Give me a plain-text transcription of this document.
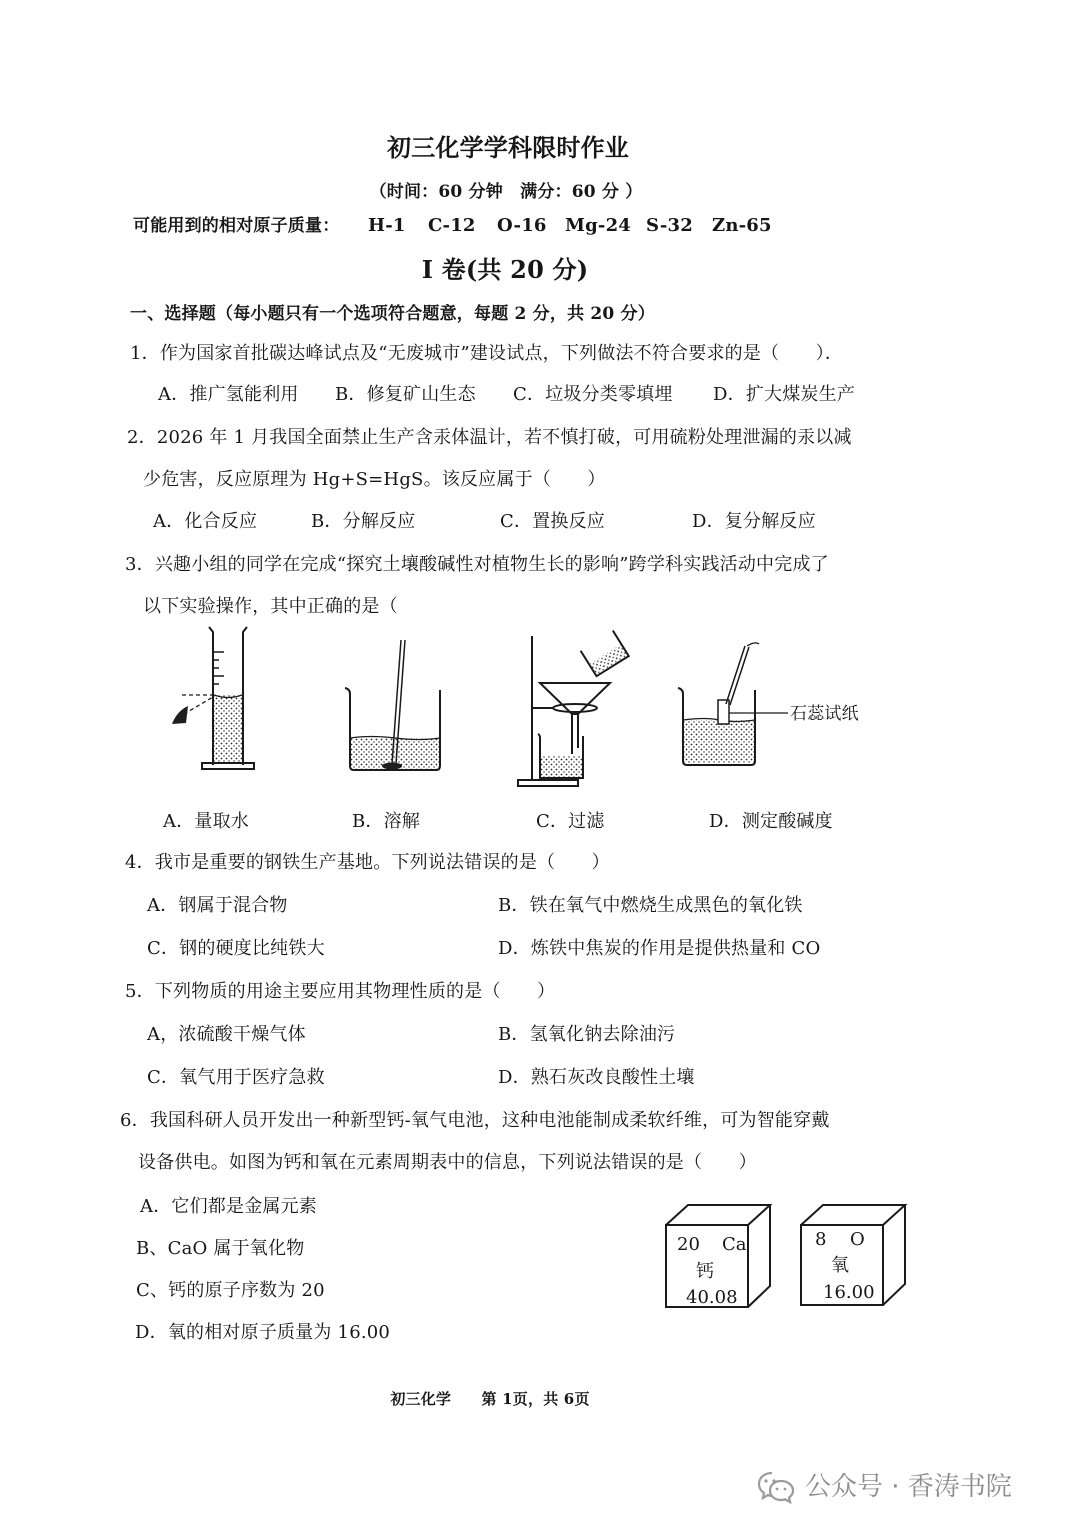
初三化学学科限时作业
（时间：60 分钟　满分：60 分 ）
可能用到的相对原子质量： H-1 C-12 O-16 Mg-24 S-32 Zn-65
I 卷(共 20 分)
一、选择题（每小题只有一个选项符合题意，每题 2 分，共 20 分）
1．作为国家首批碳达峰试点及“无废城市”建设试点，下列做法不符合要求的是（　　）．
A．推广氢能利用 B．修复矿山生态 C．垃圾分类零填埋 D．扩大煤炭生产
2．2026 年 1 月我国全面禁止生产含汞体温计，若不慎打破，可用硫粉处理泄漏的汞以减
少危害，反应原理为 Hg+S=HgS。该反应属于（　　）
A．化合反应	B．分解反应	C．置换反应	D．复分解反应
3．兴趣小组的同学在完成“探究土壤酸碱性对植物生长的影响”跨学科实践活动中完成了
以下实验操作，其中正确的是（
石蕊试纸
A．量取水	B．溶解	C．过滤	D．测定酸碱度
4．我市是重要的钢铁生产基地。下列说法错误的是（　　）
A．钢属于混合物	B．铁在氧气中燃烧生成黑色的氧化铁
C．钢的硬度比纯铁大	D．炼铁中焦炭的作用是提供热量和 CO
5．下列物质的用途主要应用其物理性质的是（　　）
A，浓硫酸干燥气体	B．氢氧化钠去除油污
C．氧气用于医疗急救	D．熟石灰改良酸性土壤
6．我国科研人员开发出一种新型钙-氧气电池，这种电池能制成柔软纤维，可为智能穿戴
设备供电。如图为钙和氧在元素周期表中的信息，下列说法错误的是（　　）
A．它们都是金属元素
B、CaO 属于氧化物
C、钙的原子序数为 20
D．氧的相对原子质量为 16.00
20 Ca
钙
40.08
8 O
氧
16.00
初三化学　　第 1页，共 6页
公众号 · 香涛书院
